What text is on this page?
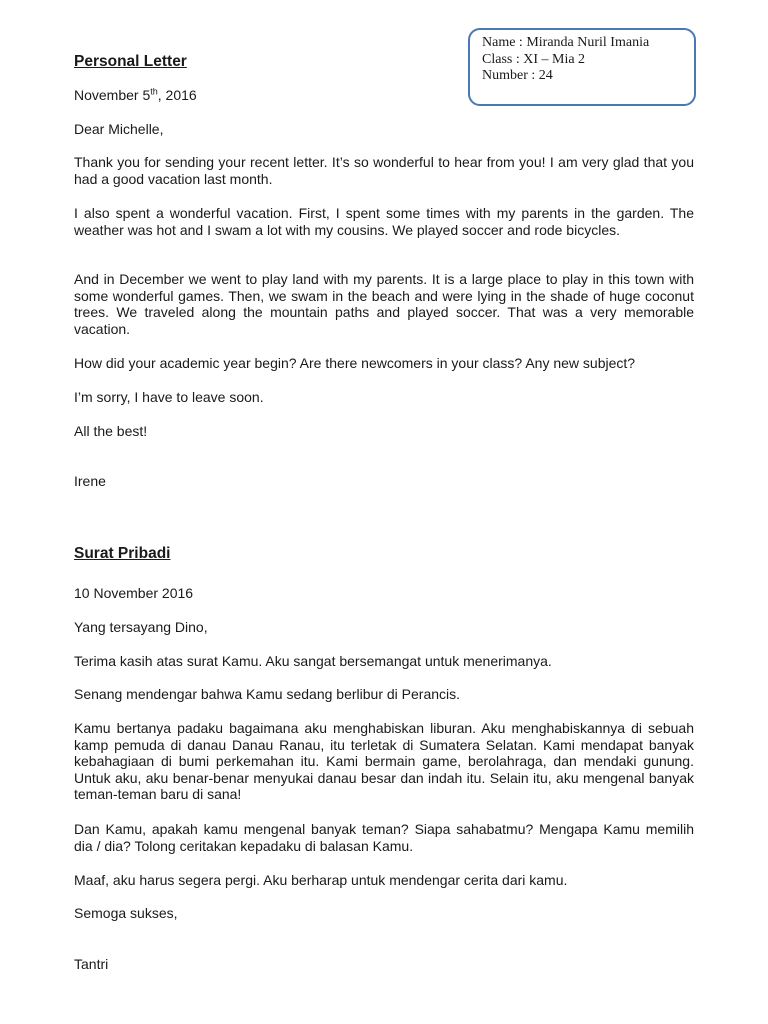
Name : Miranda Nuril Imania
Class : XI – Mia 2
Number : 24
Personal Letter
November 5th, 2016
Dear Michelle,
Thank you for sending your recent letter. It’s so wonderful to hear from you! I am very glad that you had a good vacation last month.
I also spent a wonderful vacation. First, I spent some times with my parents in the garden. The weather was hot and I swam a lot with my cousins. We played soccer and rode bicycles.
And in December we went to play land with my parents. It is a large place to play in this town with some wonderful games. Then, we swam in the beach and were lying in the shade of huge coconut trees. We traveled along the mountain paths and played soccer. That was a very memorable vacation.
How did your academic year begin? Are there newcomers in your class? Any new subject?
I’m sorry, I have to leave soon.
All the best!
Irene
Surat Pribadi
10 November 2016
Yang tersayang Dino,
Terima kasih atas surat Kamu. Aku sangat bersemangat untuk menerimanya.
Senang mendengar bahwa Kamu sedang berlibur di Perancis.
Kamu bertanya padaku bagaimana aku menghabiskan liburan. Aku menghabiskannya di sebuah kamp pemuda di danau Danau Ranau, itu terletak di Sumatera Selatan. Kami mendapat banyak kebahagiaan di bumi perkemahan itu. Kami bermain game, berolahraga, dan mendaki gunung. Untuk aku, aku benar-benar menyukai danau besar dan indah itu. Selain itu, aku mengenal banyak teman-teman baru di sana!
Dan Kamu, apakah kamu mengenal banyak teman? Siapa sahabatmu? Mengapa Kamu memilih dia / dia? Tolong ceritakan kepadaku di balasan Kamu.
Maaf, aku harus segera pergi. Aku berharap untuk mendengar cerita dari kamu.
Semoga sukses,
Tantri
